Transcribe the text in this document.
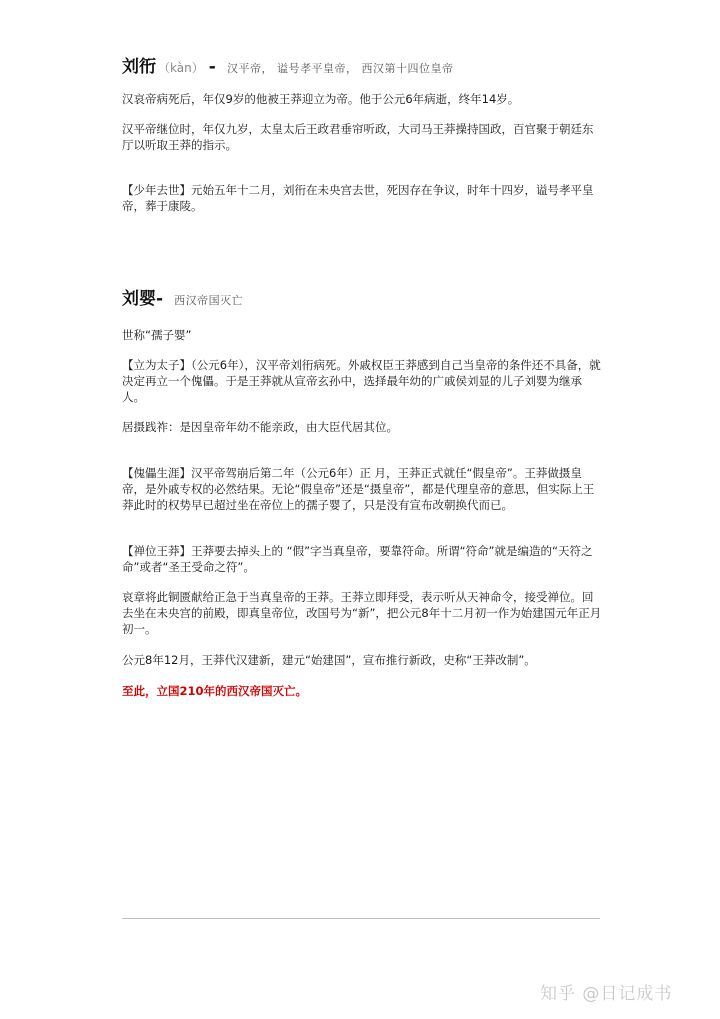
刘衎 （kàn） - 汉平帝， 谥号孝平皇帝， 西汉第十四位皇帝
汉哀帝病死后，年仅9岁的他被王莽迎立为帝。他于公元6年病逝，终年14岁。
汉平帝继位时，年仅九岁，太皇太后王政君垂帘听政，大司马王莽操持国政，百官聚于朝廷东厅以听取王莽的指示。
【少年去世】元始五年十二月，刘衎在未央宫去世，死因存在争议，时年十四岁，谥号孝平皇帝，葬于康陵。
刘婴- 西汉帝国灭亡
世称“孺子婴”
【立为太子】（公元6年），汉平帝刘衎病死。外戚权臣王莽感到自己当皇帝的条件还不具备，就决定再立一个傀儡。于是王莽就从宣帝玄孙中，选择最年幼的广戚侯刘显的儿子刘婴为继承人。
居摄践祚：是因皇帝年幼不能亲政，由大臣代居其位。
【傀儡生涯】汉平帝驾崩后第二年（公元6年）正 月，王莽正式就任“假皇帝”。王莽做摄皇帝，是外戚专权的必然结果。无论“假皇帝”还是“摄皇帝”，都是代理皇帝的意思，但实际上王莽此时的权势早已超过坐在帝位上的孺子婴了，只是没有宣布改朝换代而已。
【禅位王莽】王莽要去掉头上的 “假”字当真皇帝，要靠符命。所谓“符命”就是编造的“天符之命”或者“圣王受命之符”。
哀章将此铜匮献给正急于当真皇帝的王莽。王莽立即拜受，表示听从天神命令，接受禅位。回去坐在未央宫的前殿，即真皇帝位，改国号为“新”，把公元8年十二月初一作为始建国元年正月初一。
公元8年12月，王莽代汉建新，建元“始建国”，宣布推行新政，史称“王莽改制”。
至此，立国210年的西汉帝国灭亡。
知乎 @日记成书
